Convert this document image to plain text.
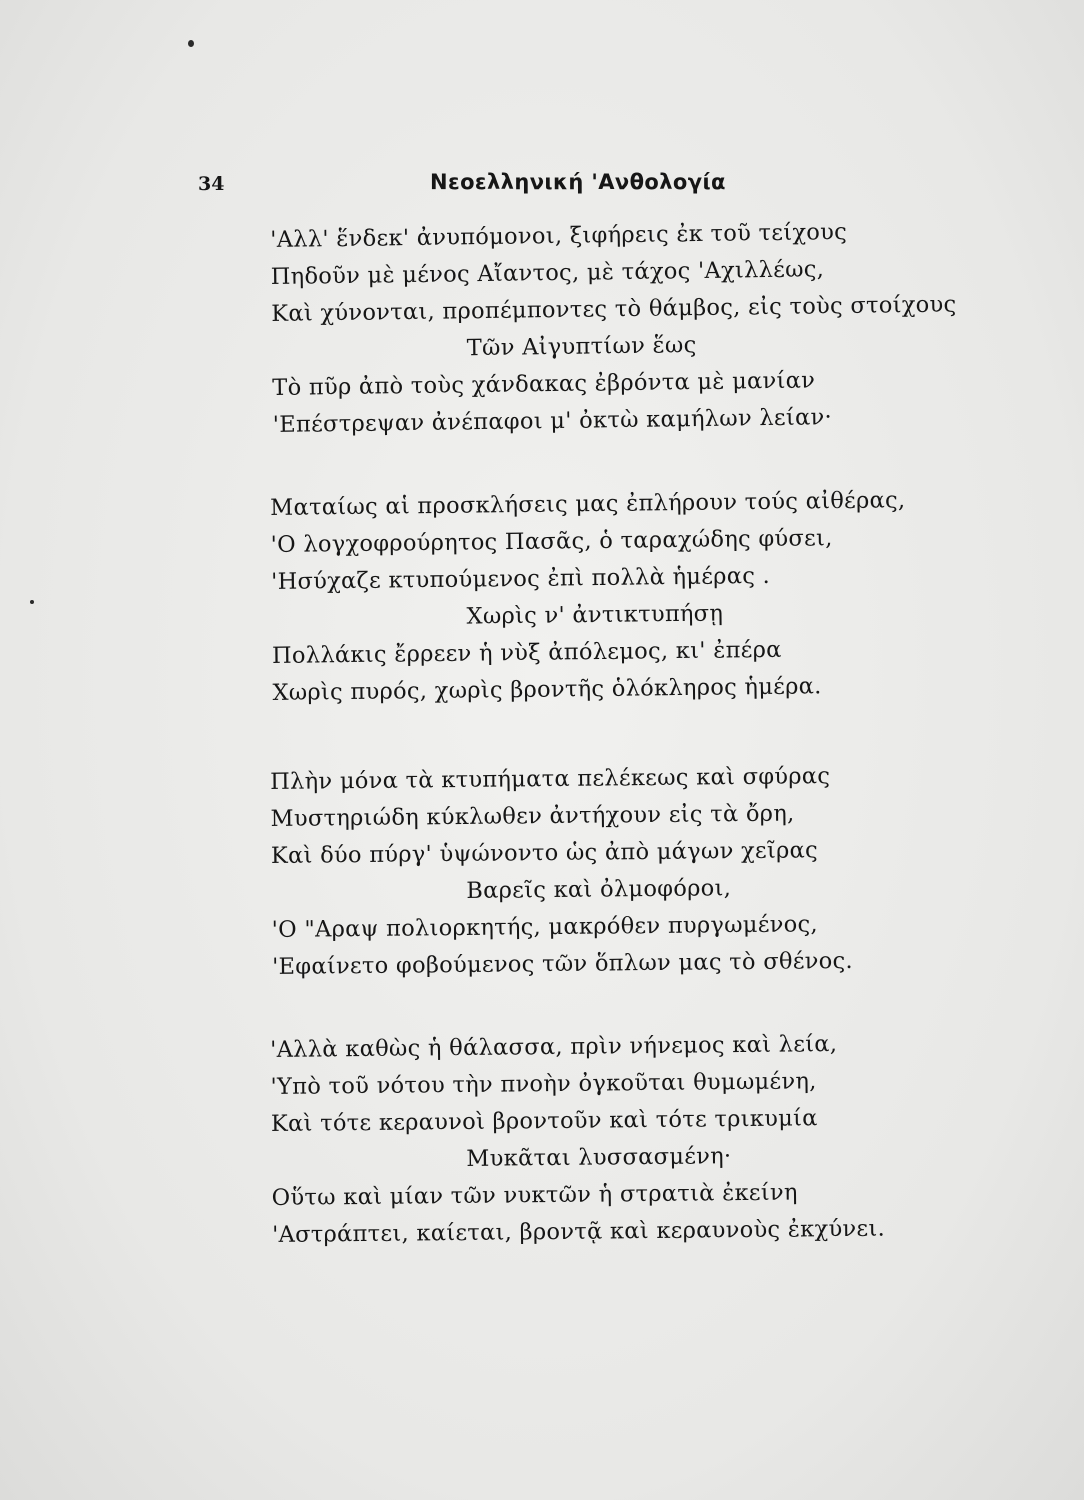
34	Νεοελληνική 'Ανθολογία
'Αλλ' ἕνδεκ' ἀνυπόμονοι, ξιφήρεις ἐκ τοῦ τείχους
Πηδοῦν μὲ μένος Αἴαντος, μὲ τάχος 'Αχιλλέως,
Καὶ χύνονται, προπέμποντες τὸ θάμβος, εἰς τοὺς στοίχους
Τῶν Αἰγυπτίων ἕως
Τὸ πῦρ ἀπὸ τοὺς χάνδακας ἐβρόντα μὲ μανίαν
'Επέστρεψαν ἀνέπαφοι μ' ὀκτὼ καμήλων λείαν·
Ματαίως αἱ προσκλήσεις μας ἐπλήρουν τούς αἰθέρας,
'Ο λογχοφρούρητος Πασᾶς, ὁ ταραχώδης φύσει,
'Ησύχαζε κτυπούμενος ἐπὶ πολλὰ ἡμέρας .
Χωρὶς ν' ἀντικτυπήσῃ
Πολλάκις ἔρρεεν ἡ νὺξ ἀπόλεμος, κι' ἐπέρα
Χωρὶς πυρός, χωρὶς βροντῆς ὁλόκληρος ἡμέρα.
Πλὴν μόνα τὰ κτυπήματα πελέκεως καὶ σφύρας
Μυστηριώδη κύκλωθεν ἀντήχουν εἰς τὰ ὄρη,
Καὶ δύο πύργ' ὑψώνοντο ὡς ἀπὸ μάγων χεῖρας
Βαρεῖς καὶ ὀλμοφόροι,
'Ο "Αραψ πολιορκητής, μακρόθεν πυργωμένος,
'Εφαίνετο φοβούμενος τῶν ὅπλων μας τὸ σθένος.
'Αλλὰ καθὼς ἡ θάλασσα, πρὶν νήνεμος καὶ λεία,
'Υπὸ τοῦ νότου τὴν πνοὴν ὀγκοῦται θυμωμένη,
Καὶ τότε κεραυνοὶ βροντοῦν καὶ τότε τρικυμία
Μυκᾶται λυσσασμένη·
Οὕτω καὶ μίαν τῶν νυκτῶν ἡ στρατιὰ ἐκείνη
'Αστράπτει, καίεται, βροντᾷ καὶ κεραυνοὺς ἐκχύνει.
